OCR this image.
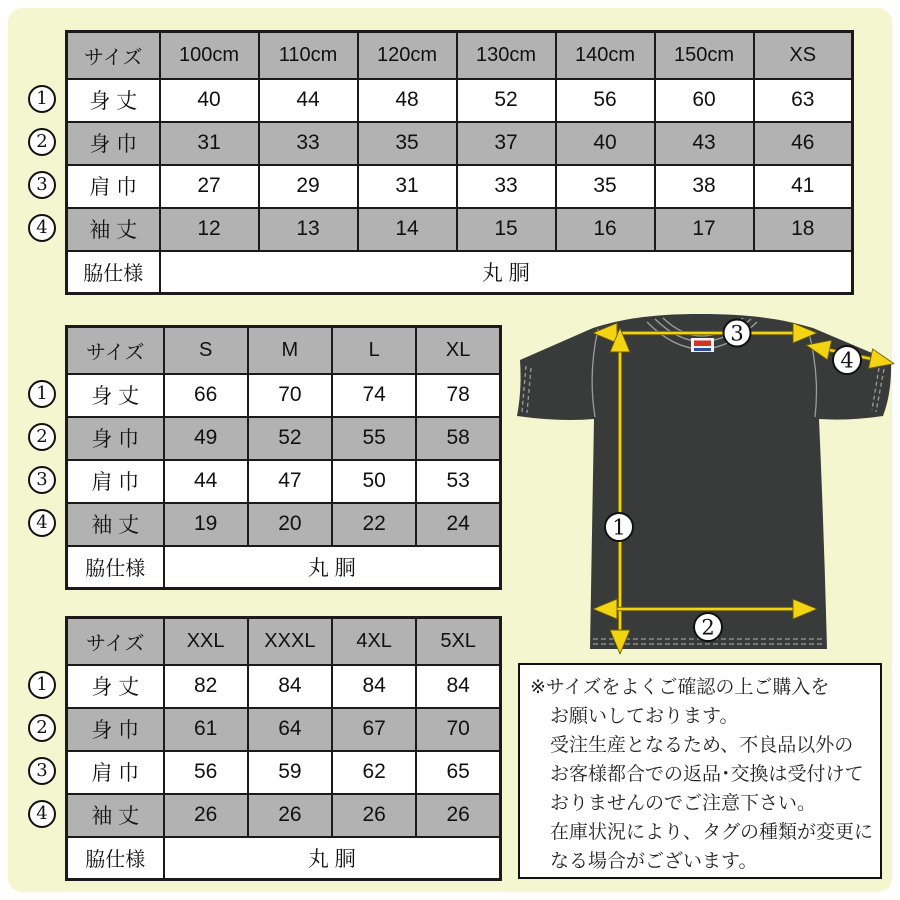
1
2
3
4
※サイズをよくご確認の上ご購入を
お願いしております。
受注生産となるため、不良品以外の
お客様都合での返品･交換は受付けて
おりませんのでご注意下さい。
在庫状況により、タグの種類が変更に
なる場合がございます。
1
2
3
4
サイズ	100cm	110cm	120cm	130cm	140cm	150cm	XS
身 丈	40	44	48	52	56	60	63
身 巾	31	33	35	37	40	43	46
肩 巾	27	29	31	33	35	38	41
袖 丈	12	13	14	15	16	17	18
脇仕様	丸 胴						
1
2
3
4
サイズ	S	M	L	XL
身 丈	66	70	74	78
身 巾	49	52	55	58
肩 巾	44	47	50	53
袖 丈	19	20	22	24
脇仕様	丸 胴			
1
2
3
4
サイズ	XXL	XXXL	4XL	5XL
身 丈	82	84	84	84
身 巾	61	64	67	70
肩 巾	56	59	62	65
袖 丈	26	26	26	26
脇仕様	丸 胴			
